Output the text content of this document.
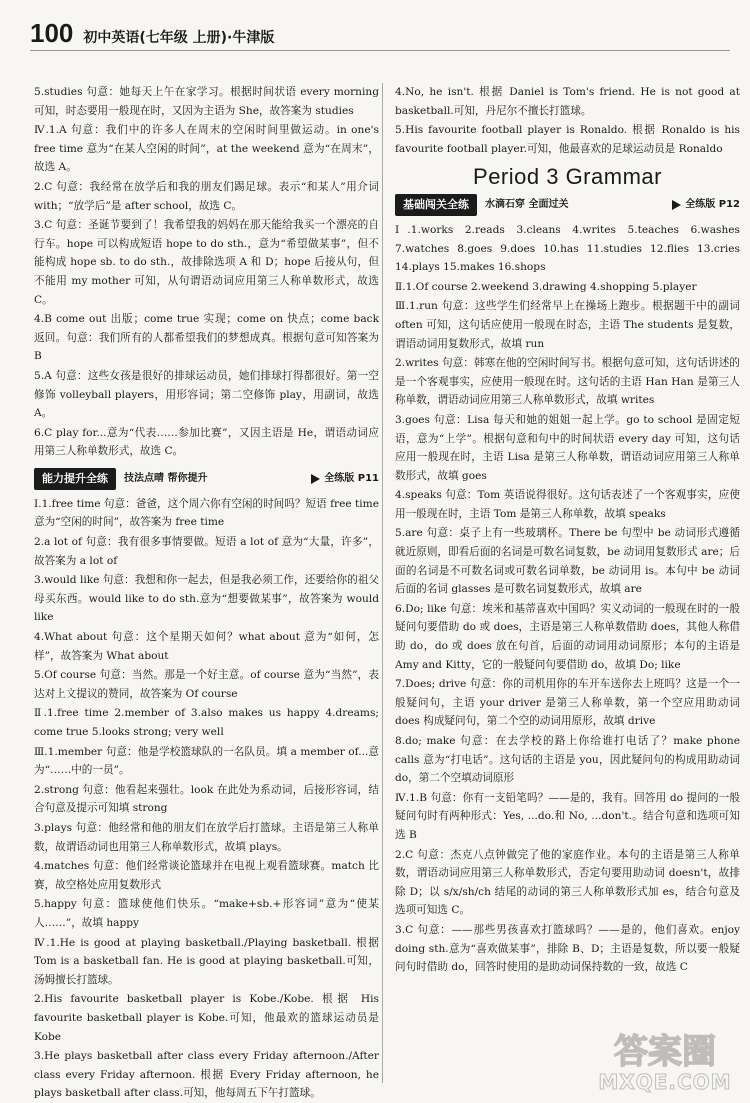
100 初中英语(七年级 上册)·牛津版

5.studies 句意：她每天上午在家学习。根据时间状语 every morning 可知，时态要用一般现在时，又因为主语为 She，故答案为 studies

Ⅳ.1.A 句意：我们中的许多人在周末的空闲时间里做运动。in one's free time 意为“在某人空闲的时间”，at the weekend 意为“在周末”，故选 A。

2.C 句意：我经常在放学后和我的朋友们踢足球。表示“和某人”用介词 with；“放学后”是 after school，故选 C。

3.C 句意：圣诞节要到了！我希望我的妈妈在那天能给我买一个漂亮的自行车。hope 可以构成短语 hope to do sth.，意为“希望做某事”，但不能构成 hope sb. to do sth.，故排除选项 A 和 D；hope 后接从句，但不能用 my mother 可知，从句谓语动词应用第三人称单数形式，故选 C。

4.B come out 出版；come true 实现；come on 快点；come back 返回。句意：我们所有的人都希望我们的梦想成真。根据句意可知答案为 B

5.A 句意：这些女孩是很好的排球运动员，她们排球打得都很好。第一空修饰 volleyball players，用形容词；第二空修饰 play，用副词，故选 A。

6.C play for...意为“代表……参加比赛”，又因主语是 He，谓语动词应用第三人称单数形式，故选 C。

能力提升全练	技法点晴 帮你提升	全练版 P11

Ⅰ.1.free time 句意：爸爸，这个周六你有空闲的时间吗？短语 free time 意为“空闲的时间”，故答案为 free time

2.a lot of 句意：我有很多事情要做。短语 a lot of 意为“大量，许多”，故答案为 a lot of

3.would like 句意：我想和你一起去，但是我必须工作，还要给你的祖父母买东西。would like to do sth.意为“想要做某事”，故答案为 would like

4.What about 句意：这个星期天如何？what about 意为“如何，怎样”，故答案为 What about

5.Of course 句意：当然。那是一个好主意。of course 意为“当然”，表达对上文提议的赞同，故答案为 Of course

Ⅱ.1.free time 2.member of 3.also makes us happy 4.dreams; come true 5.looks strong; very well

Ⅲ.1.member 句意：他是学校篮球队的一名队员。填 a member of...意为“……中的一员”。

2.strong 句意：他看起来强壮。look 在此处为系动词，后接形容词，结合句意及提示可知填 strong

3.plays 句意：他经常和他的朋友们在放学后打篮球。主语是第三人称单数，故谓语动词也用第三人称单数形式，故填 plays。

4.matches 句意：他们经常谈论篮球并在电视上观看篮球赛。match 比赛，故空格处应用复数形式

5.happy 句意：篮球使他们快乐。“make+sb.+形容词”意为“使某人……”，故填 happy

Ⅳ.1.He is good at playing basketball./Playing basketball. 根据 Tom is a basketball fan. He is good at playing basketball.可知，汤姆擅长打篮球。

2.His favourite basketball player is Kobe./Kobe. 根据 His favourite basketball player is Kobe.可知，他最欢的篮球运动员是 Kobe

3.He plays basketball after class every Friday afternoon./After class every Friday afternoon. 根据 Every Friday afternoon, he plays basketball after class.可知，他每周五下午打篮球。

4.No, he isn't. 根据 Daniel is Tom's friend. He is not good at basketball.可知，丹尼尔不擅长打篮球。

5.His favourite football player is Ronaldo. 根据 Ronaldo is his favourite football player.可知，他最喜欢的足球运动员是 Ronaldo

Period 3 Grammar
基础闯关全练	水滴石穿 全面过关	全练版 P12

Ⅰ.1.works 2.reads 3.cleans 4.writes 5.teaches 6.washes 7.watches 8.goes 9.does 10.has 11.studies 12.flies 13.cries 14.plays 15.makes 16.shops

Ⅱ.1.Of course 2.weekend 3.drawing 4.shopping 5.player

Ⅲ.1.run 句意：这些学生们经常早上在操场上跑步。根据题干中的副词 often 可知，这句话应使用一般现在时态，主语 The students 是复数，谓语动词用复数形式，故填 run

2.writes 句意：韩寒在他的空闲时间写书。根据句意可知，这句话讲述的是一个客观事实，应使用一般现在时。这句话的主语 Han Han 是第三人称单数，谓语动词应用第三人称单数形式，故填 writes

3.goes 句意：Lisa 每天和她的姐姐一起上学。go to school 是固定短语，意为“上学”。根据句意和句中的时间状语 every day 可知，这句话应用一般现在时，主语 Lisa 是第三人称单数，谓语动词应用第三人称单数形式，故填 goes

4.speaks 句意：Tom 英语说得很好。这句话表述了一个客观事实，应使用一般现在时，主语 Tom 是第三人称单数，故填 speaks

5.are 句意：桌子上有一些玻璃杯。There be 句型中 be 动词形式遵循就近原则，即看后面的名词是可数名词复数，be 动词用复数形式 are；后面的名词是不可数名词或可数名词单数，be 动词用 is。本句中 be 动词后面的名词 glasses 是可数名词复数形式，故填 are

6.Do; like 句意：埃米和基蒂喜欢中国吗？实义动词的一般现在时的一般疑问句要借助 do 或 does，主语是第三人称单数借助 does，其他人称借助 do，do 或 does 放在句首，后面的动词用动词原形；本句的主语是 Amy and Kitty，它的一般疑问句要借助 do，故填 Do; like

7.Does; drive 句意：你的司机用你的车开车送你去上班吗？这是一个一般疑问句，主语 your driver 是第三人称单数，第一个空应用助动词 does 构成疑问句，第二个空的动词用原形，故填 drive

8.do; make 句意：在去学校的路上你给谁打电话了？make phone calls 意为“打电话”。这句话的主语是 you，因此疑问句的构成用助动词 do，第二个空填动词原形

Ⅳ.1.B 句意：你有一支铅笔吗？——是的，我有。回答用 do 提问的一般疑问句时有两种形式：Yes, ...do.和 No, ...don't.。结合句意和选项可知选 B

2.C 句意：杰克八点钟做完了他的家庭作业。本句的主语是第三人称单数，谓语动词应用第三人称单数形式，否定句要用助动词 doesn't，故排除 D；以 s/x/sh/ch 结尾的动词的第三人称单数形式加 es，结合句意及选项可知选 C。

3.C 句意：——那些男孩喜欢打篮球吗？——是的，他们喜欢。enjoy doing sth.意为“喜欢做某事”，排除 B、D；主语是复数，所以要一般疑问句时借助 do，回答时使用的是助动词保持数的一致，故选 C

答案圈
MXQE.COM
